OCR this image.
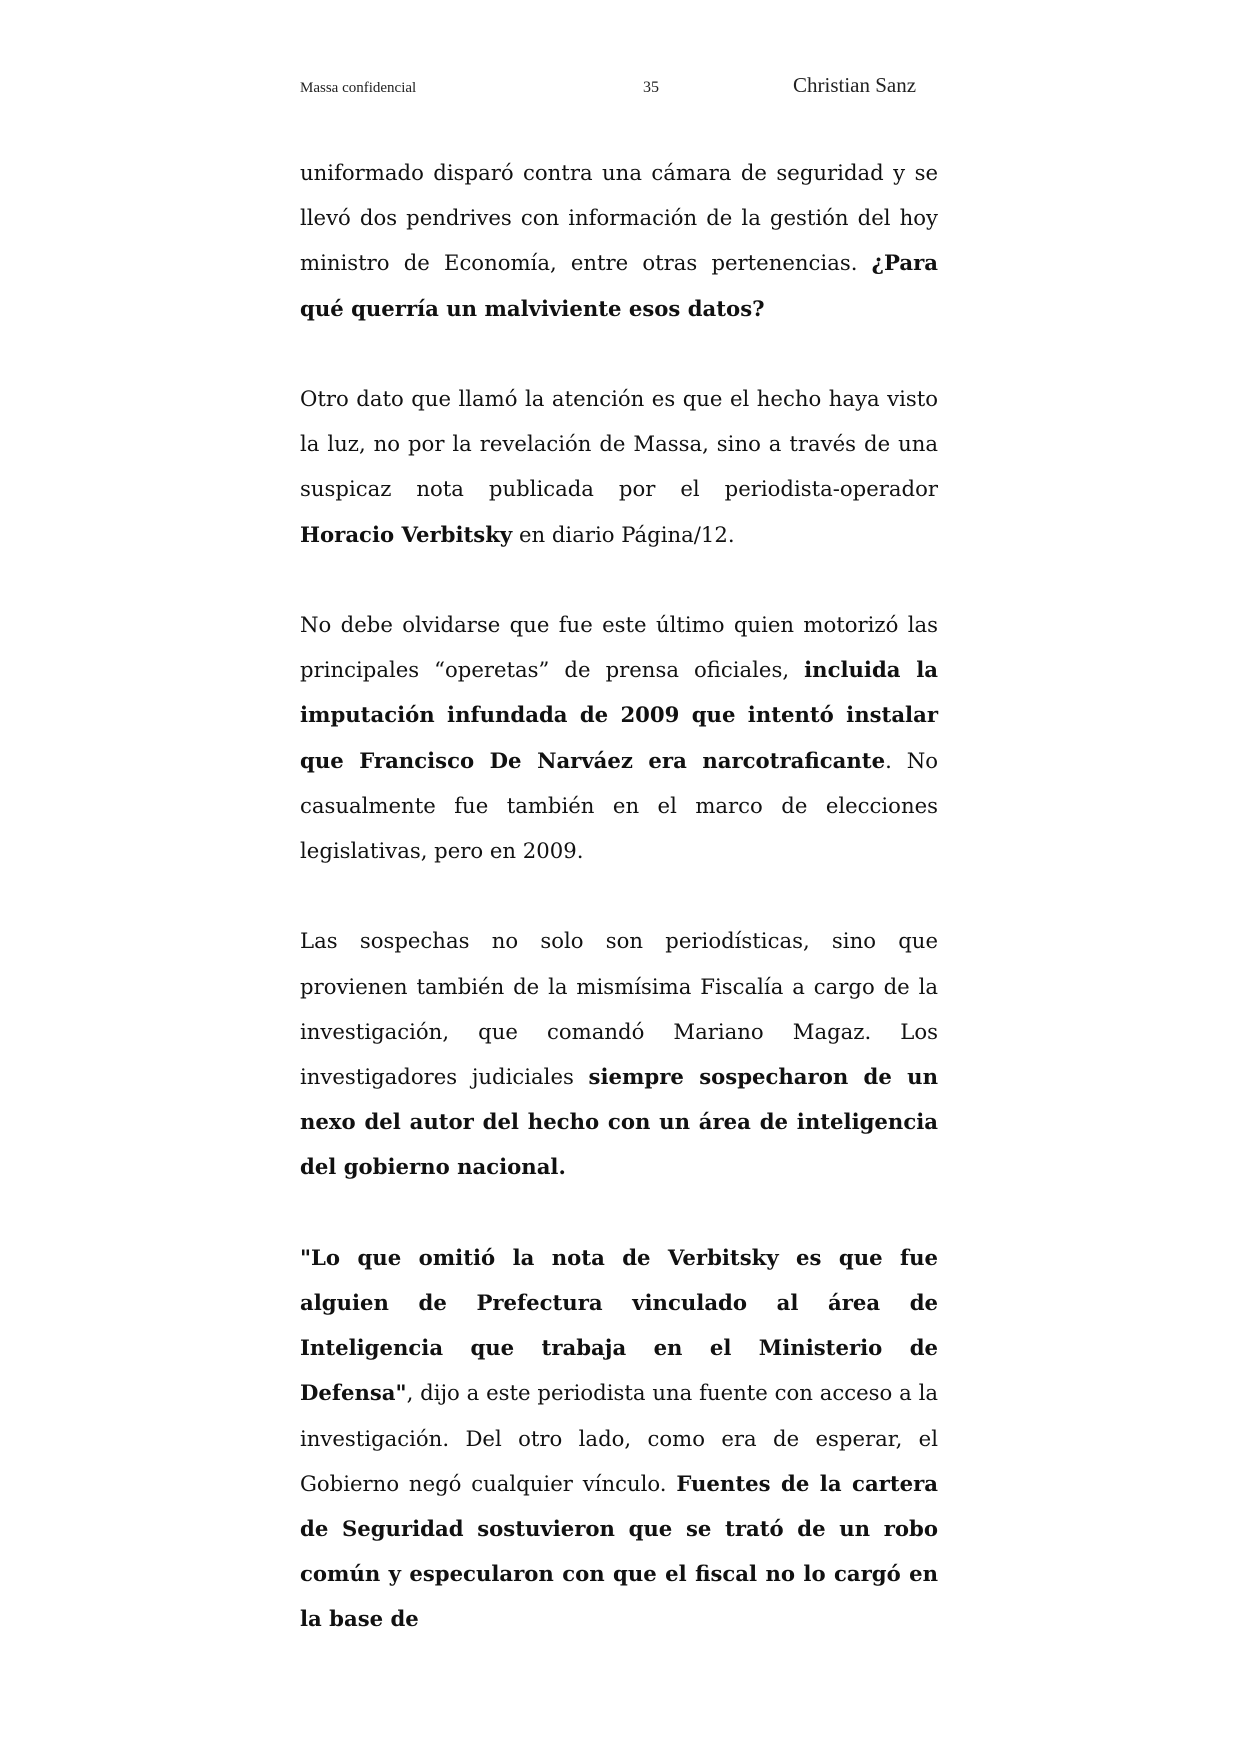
Massa confidencial	35	Christian Sanz

uniformado disparó contra una cámara de seguridad y se llevó dos pendrives con información de la gestión del hoy ministro de Economía, entre otras pertenencias. ¿Para qué querría un malviviente esos datos?

Otro dato que llamó la atención es que el hecho haya visto la luz, no por la revelación de Massa, sino a través de una suspicaz nota publicada por el periodista-operador Horacio Verbitsky en diario Página/12.

No debe olvidarse que fue este último quien motorizó las principales “operetas” de prensa oficiales, incluida la imputación infundada de 2009 que intentó instalar que Francisco De Narváez era narcotraficante. No casualmente fue también en el marco de elecciones legislativas, pero en 2009.

Las sospechas no solo son periodísticas, sino que provienen también de la mismísima Fiscalía a cargo de la investigación, que comandó Mariano Magaz. Los investigadores judiciales siempre sospecharon de un nexo del autor del hecho con un área de inteligencia del gobierno nacional.

"Lo que omitió la nota de Verbitsky es que fue alguien de Prefectura vinculado al área de Inteligencia que trabaja en el Ministerio de Defensa", dijo a este periodista una fuente con acceso a la investigación. Del otro lado, como era de esperar, el Gobierno negó cualquier vínculo. Fuentes de la cartera de Seguridad sostuvieron que se trató de un robo común y especularon con que el fiscal no lo cargó en la base de
